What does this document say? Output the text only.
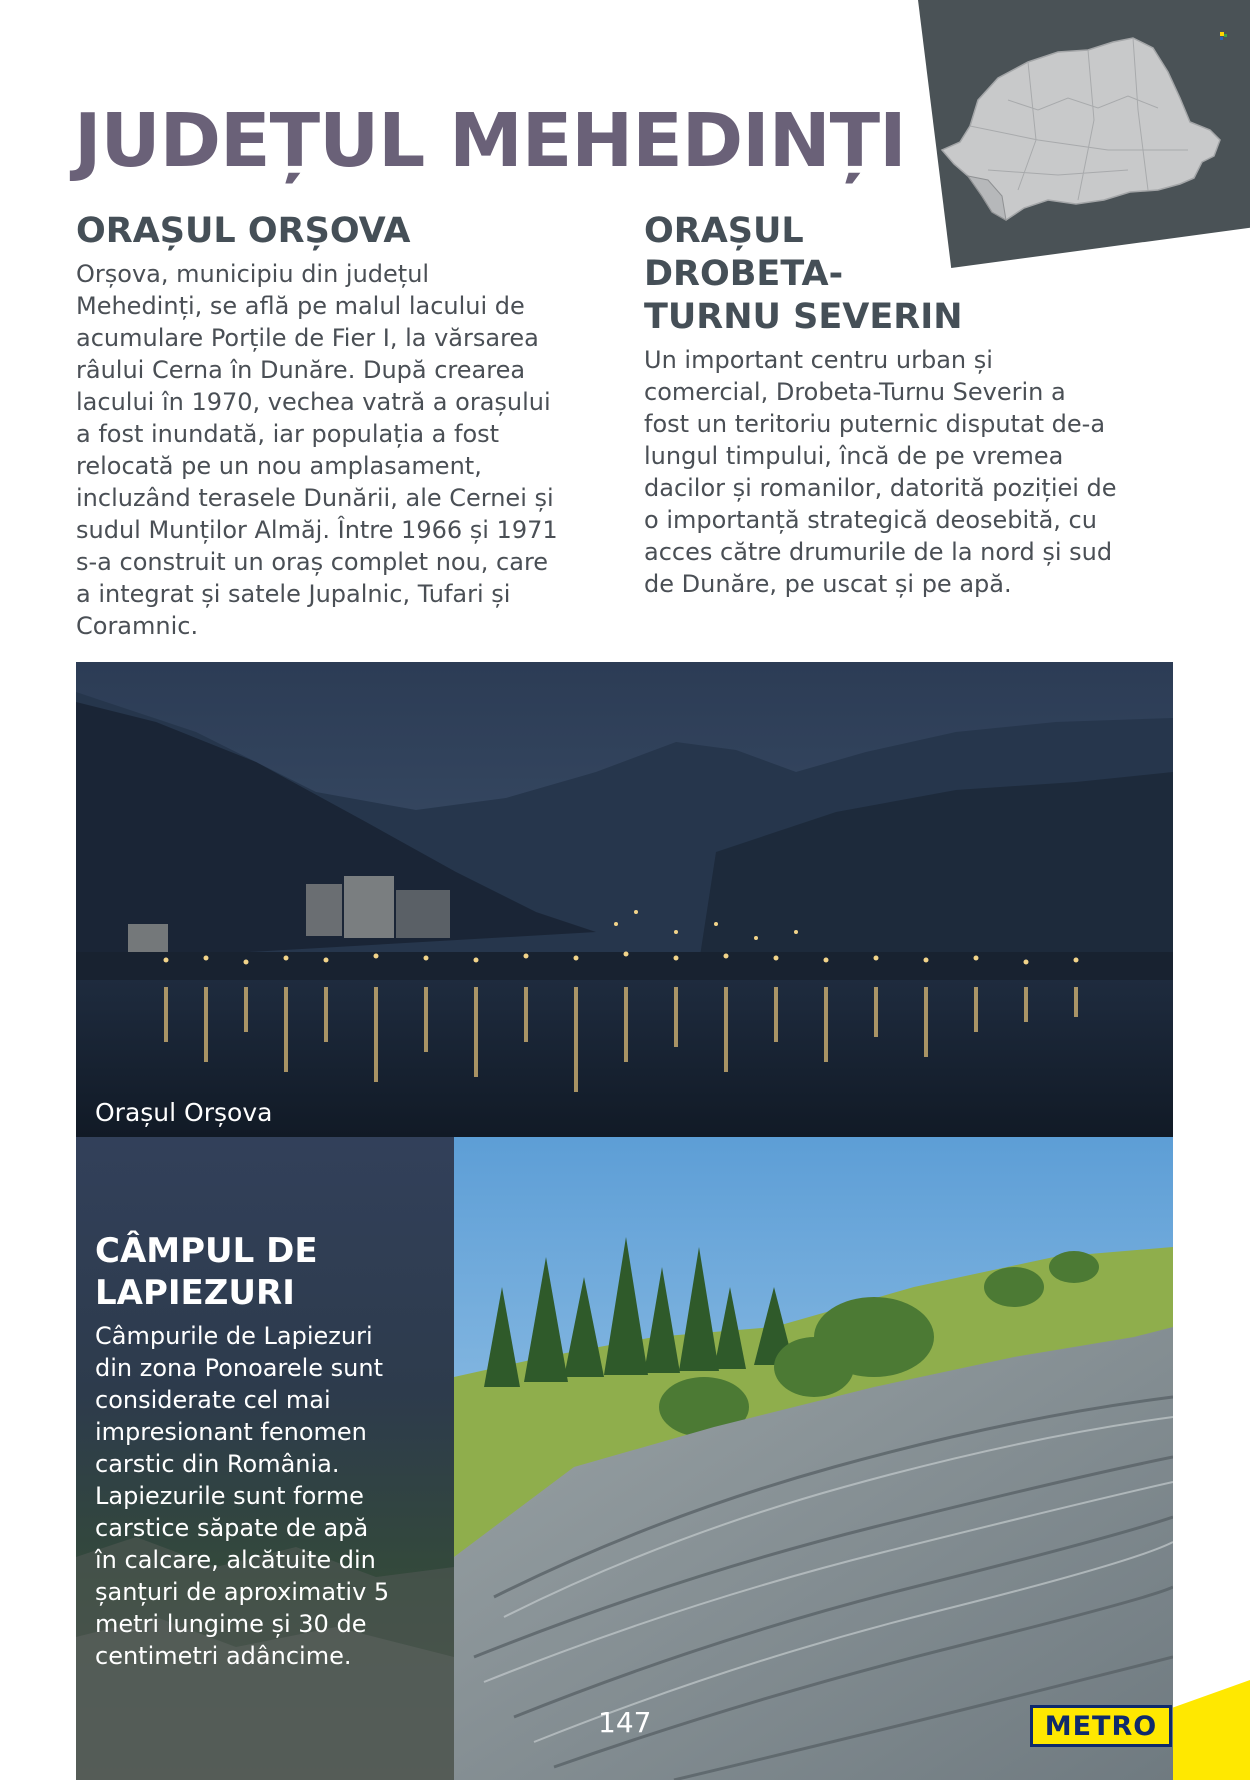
JUDEȚUL MEHEDINȚI
ORAȘUL ORȘOVA
Orșova, municipiu din județul
Mehedinți, se află pe malul lacului de
acumulare Porțile de Fier I, la vărsarea
râului Cerna în Dunăre. După crearea
lacului în 1970, vechea vatră a orașului
a fost inundată, iar populația a fost
relocată pe un nou amplasament,
incluzând terasele Dunării, ale Cernei și
sudul Munților Almăj. Între 1966 și 1971
s-a construit un oraș complet nou, care
a integrat și satele Jupalnic, Tufari și
Coramnic.
ORAȘUL
DROBETA-
TURNU SEVERIN
Un important centru urban și
comercial, Drobeta-Turnu Severin a
fost un teritoriu puternic disputat de-a
lungul timpului, încă de pe vremea
dacilor și romanilor, datorită poziției de
o importanță strategică deosebită, cu
acces către drumurile de la nord și sud
de Dunăre, pe uscat și pe apă.
Orașul Orșova
CÂMPUL DE
LAPIEZURI
Câmpurile de Lapiezuri
din zona Ponoarele sunt
considerate cel mai
impresionant fenomen
carstic din România.
Lapiezurile sunt forme
carstice săpate de apă
în calcare, alcătuite din
șanțuri de aproximativ 5
metri lungime și 30 de
centimetri adâncime.
147	METRO
